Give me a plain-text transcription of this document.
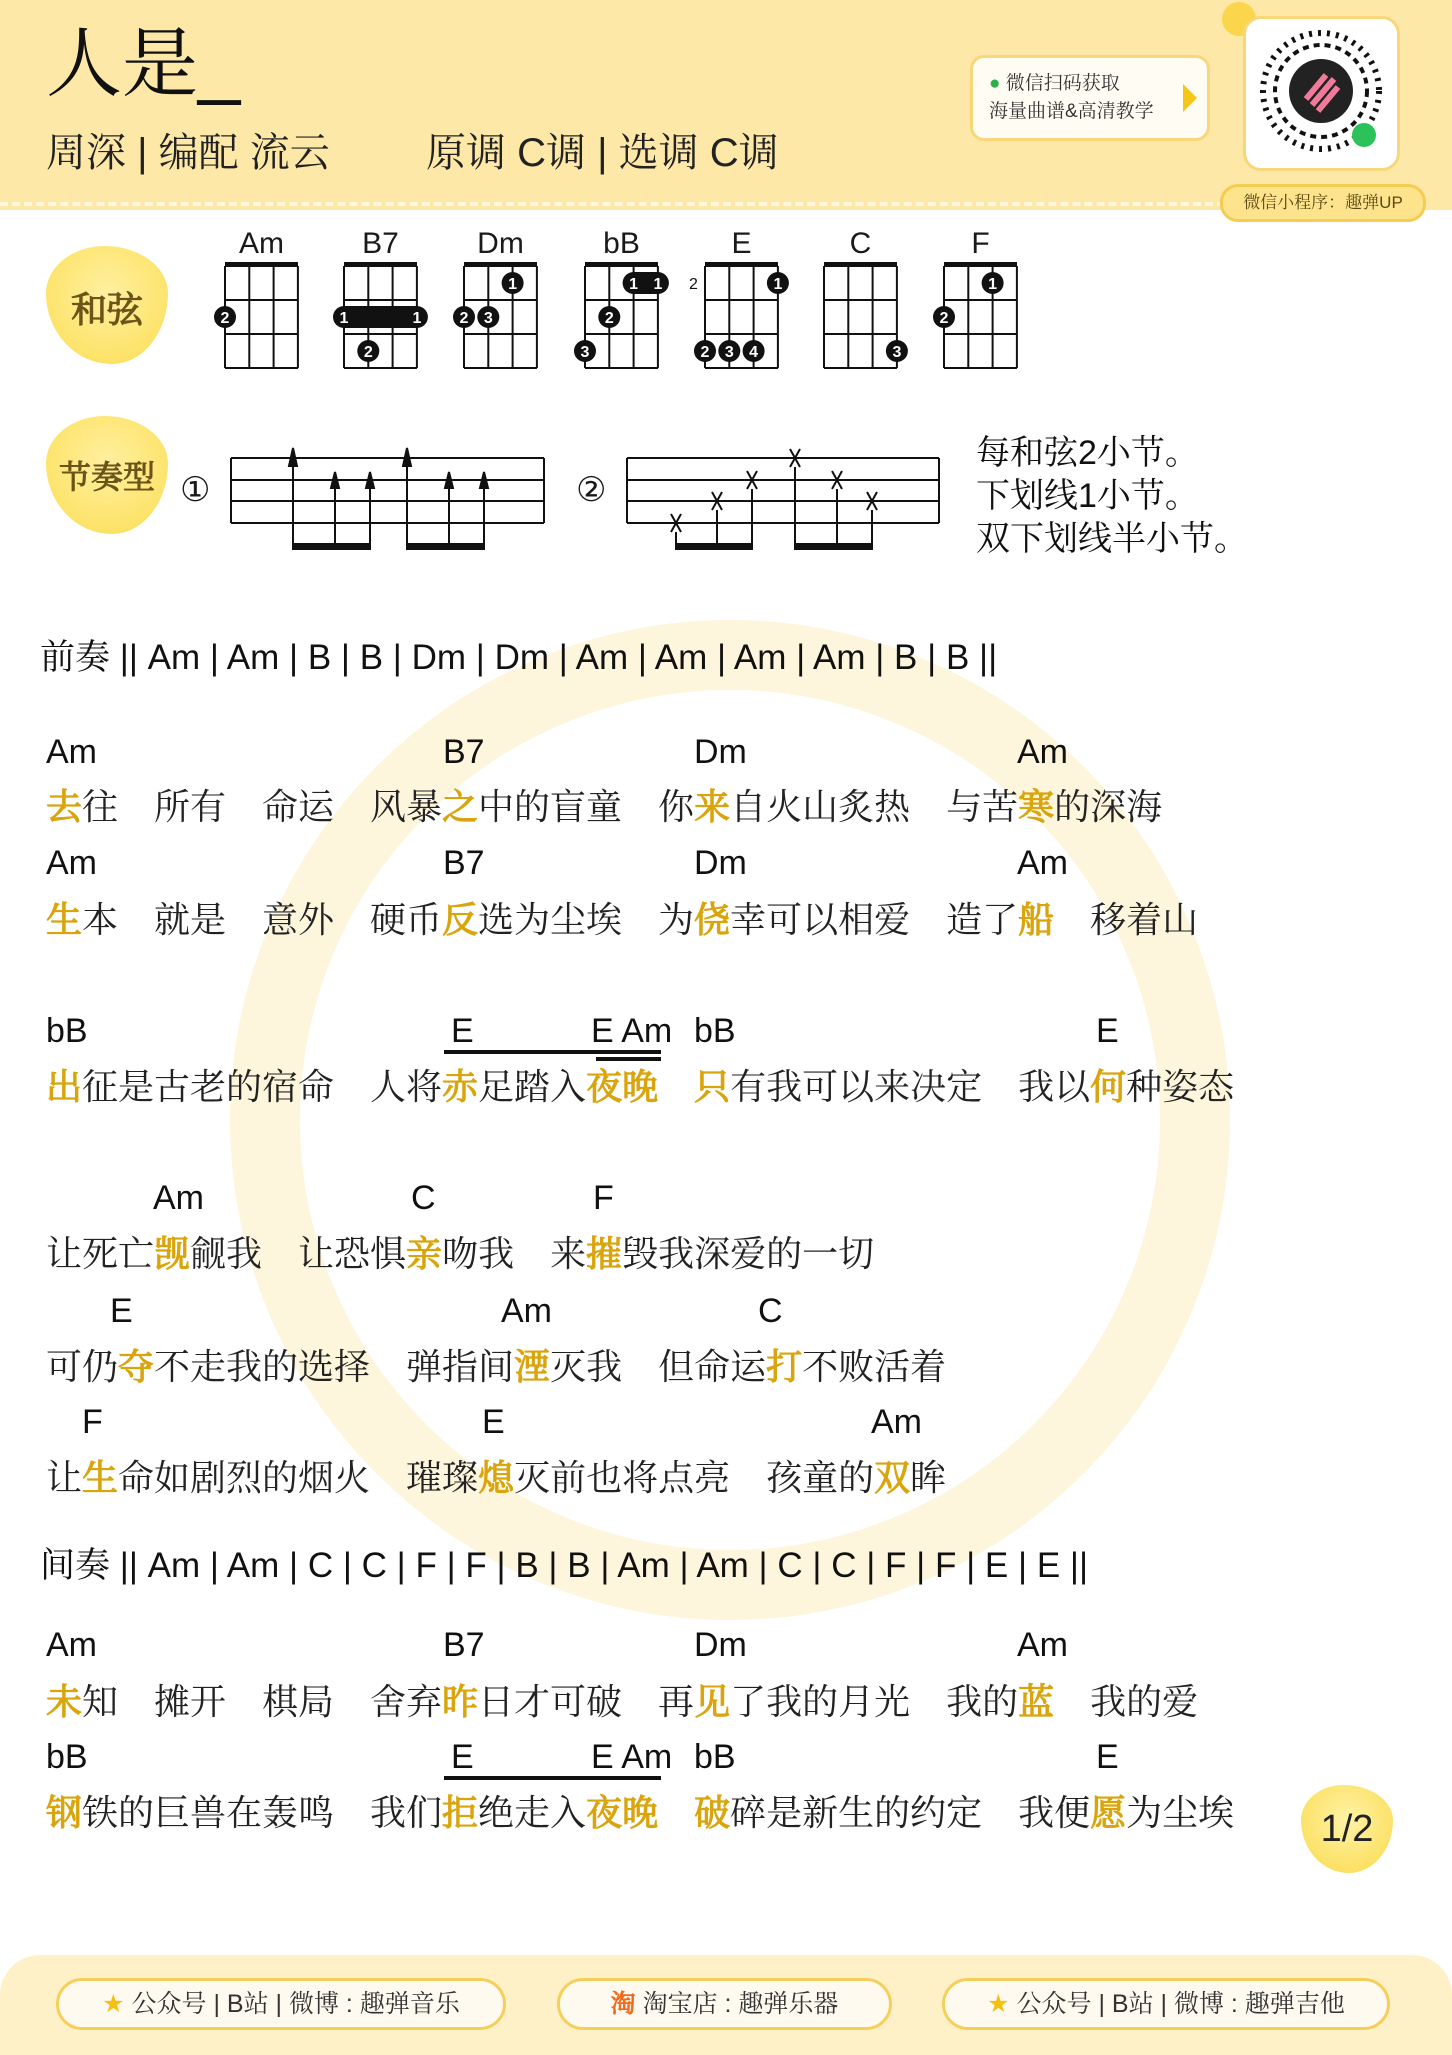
人是_
周深 | 编配 流云 原调 C调 | 选调 C调
● 微信扫码获取
海量曲谱&高清教学
微信小程序：趣弹UP
和弦
Am
2
B7
1	1
2
Dm
1
2 3
bB
1 1
2
3
E
2	1
2 3 4
C
3
F
1
2
节奏型 ①	②
每和弦2小节。
下划线1小节。
双下划线半小节。
前奏 || Am | Am | B | B | Dm | Dm | Am | Am | Am | Am | B | B ||
间奏 || Am | Am | C | C | F | F | B | B | Am | Am | C | C | F | F | E | E ||
Am	B7	Dm	Am
去往　所有　命运　风暴之中的盲童　你来自火山炙热　与苦寒的深海
Am	B7	Dm	Am
生本　就是　意外　硬币反选为尘埃　为侥幸可以相爱　造了船　移着山
bB	E	E Am bB	E
出征是古老的宿命　人将赤足踏入夜晚　 只有我可以来决定　我以何种姿态
Am	C	F
让死亡觊觎我　让恐惧亲吻我　来摧毁我深爱的一切
E	Am	C
可仍夺不走我的选择　弹指间湮灭我　但命运打不败活着
F	E	Am
让生命如剧烈的烟火　璀璨熄灭前也将点亮　孩童的双眸
Am	B7	Dm	Am
未知　摊开　棋局　舍弃昨日才可破　再见了我的月光　我的蓝　我的爱
bB	E	E Am bB	E
钢铁的巨兽在轰鸣　我们拒绝走入夜晚　 破碎是新生的约定　我便愿为尘埃	1/2
★ 公众号 | B站 | 微博 : 趣弹音乐	淘 淘宝店 : 趣弹乐器	★ 公众号 | B站 | 微博 : 趣弹吉他
